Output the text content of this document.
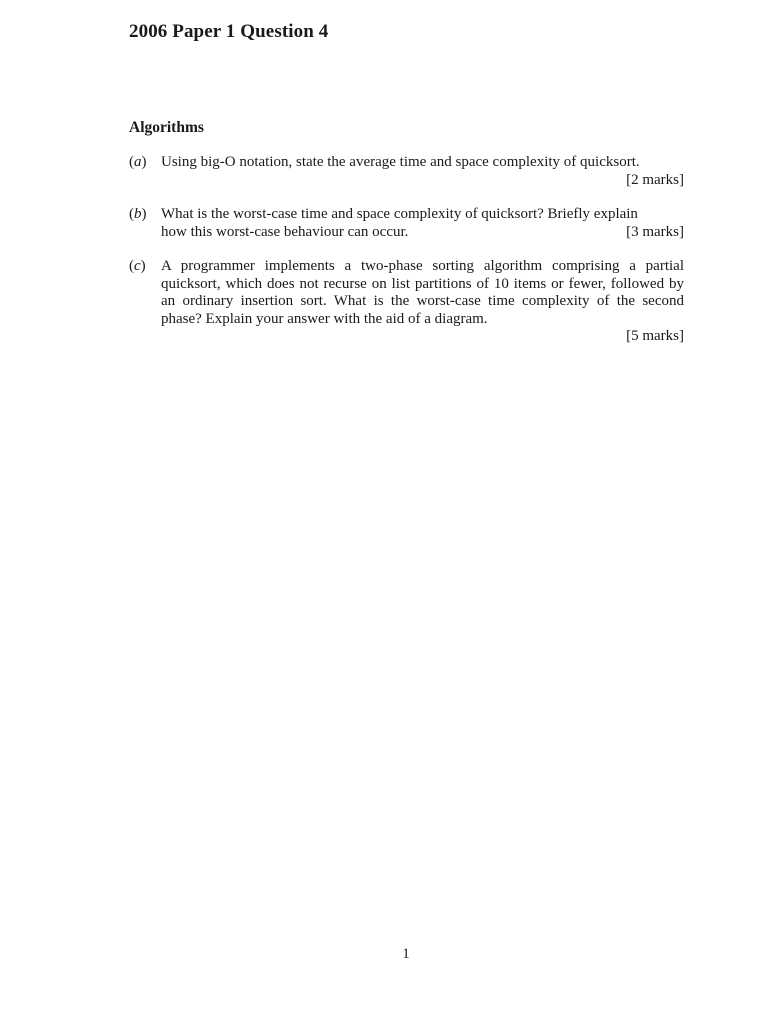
2006 Paper 1 Question 4
Algorithms
(a) Using big-O notation, state the average time and space complexity of quicksort.
[2 marks]
(b) What is the worst-case time and space complexity of quicksort? Briefly explain
how this worst-case behaviour can occur.	[3 marks]
(c)	A programmer implements a two-phase sorting algorithm comprising a partial quicksort, which does not recurse on list partitions of 10 items or fewer, followed by an ordinary insertion sort. What is the worst-case time complexity of the second phase? Explain your answer with the aid of a diagram.
[5 marks]
1
